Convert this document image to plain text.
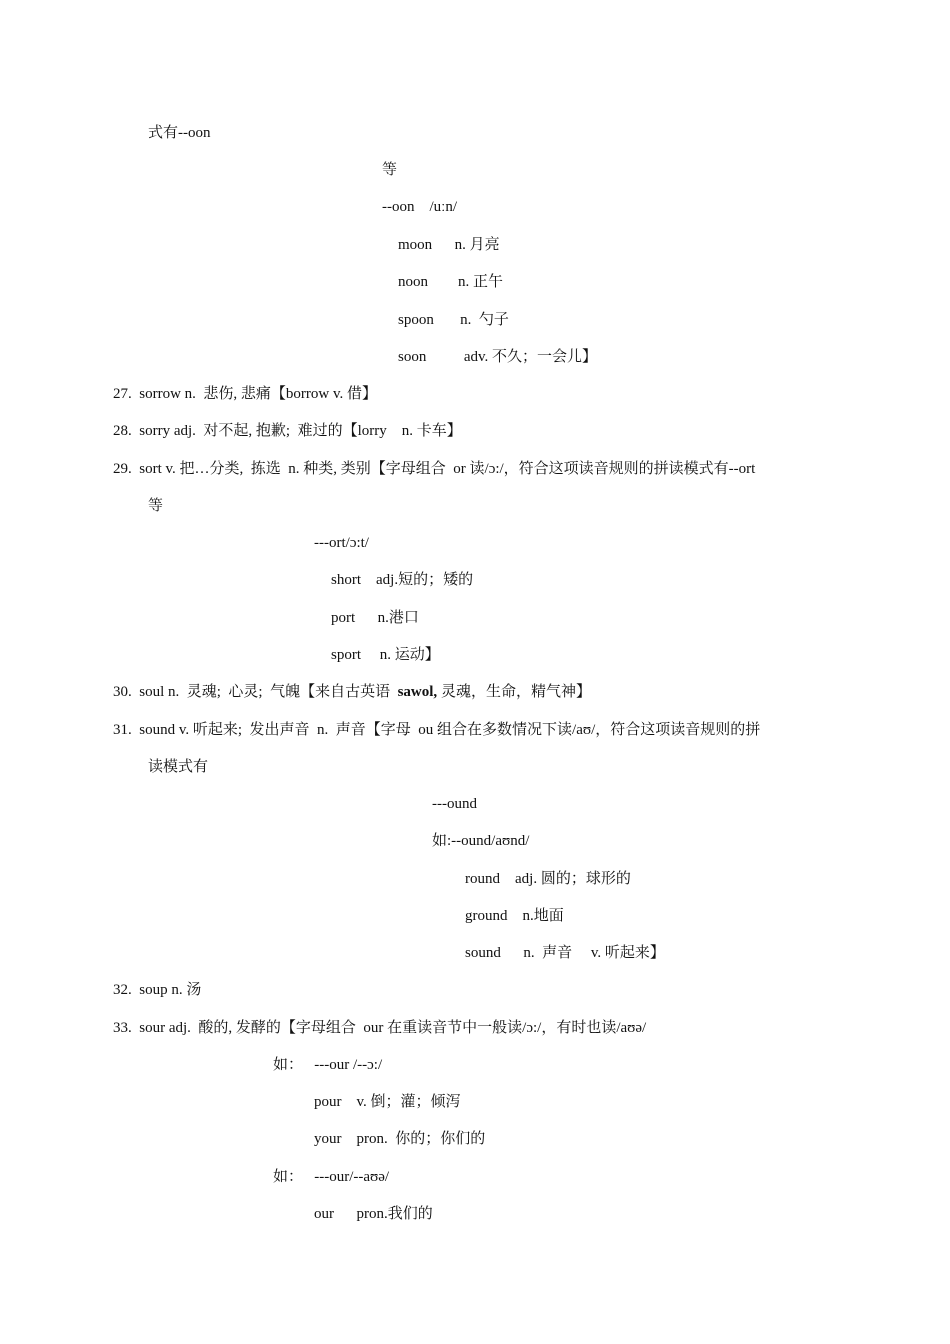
式有--oon
等
--oon    /uːn/
moon      n. 月亮
noon        n. 正午
spoon       n.  勺子
soon          adv. 不久；一会儿】
27.  sorrow n.  悲伤, 悲痛【borrow v. 借】
28.  sorry adj.  对不起, 抱歉;  难过的【lorry    n. 卡车】
29.  sort v. 把…分类,  拣选  n. 种类, 类别【字母组合  or 读/ɔ:/，符合这项读音规则的拼读模式有--ort
等
---ort/ɔ:t/
short    adj.短的；矮的
port      n.港口
sport     n. 运动】
30.  soul n.  灵魂;  心灵;  气魄【来自古英语  sawol, 灵魂，生命，精气神】
31.  sound v. 听起来;  发出声音  n.  声音【字母  ou 组合在多数情况下读/aʊ/，符合这项读音规则的拼
读模式有
---ound
如:--ound/aʊnd/
round    adj. 圆的；球形的
ground    n.地面
sound      n.  声音     v. 听起来】
32.  soup n. 汤
33.  sour adj.  酸的, 发酵的【字母组合  our 在重读音节中一般读/ɔ:/，有时也读/aʊə/
如：   ---our /--ɔ:/
pour    v. 倒；灌；倾泻
your    pron.  你的；你们的
如：   ---our/--aʊə/
our      pron.我们的
